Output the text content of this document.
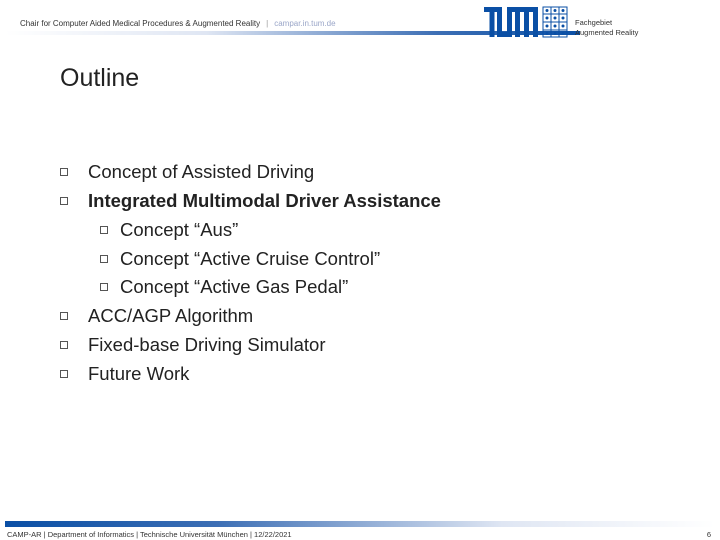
Chair for Computer Aided Medical Procedures & Augmented Reality | campar.in.tum.de	Fachgebiet
Augmented Reality
Outline
Concept of Assisted Driving
Integrated Multimodal Driver Assistance
Concept “Aus”
Concept “Active Cruise Control”
Concept “Active Gas Pedal”
ACC/AGP Algorithm
Fixed-base Driving Simulator
Future Work
CAMP-AR | Department of Informatics | Technische Universität München | 12/22/2021	6
